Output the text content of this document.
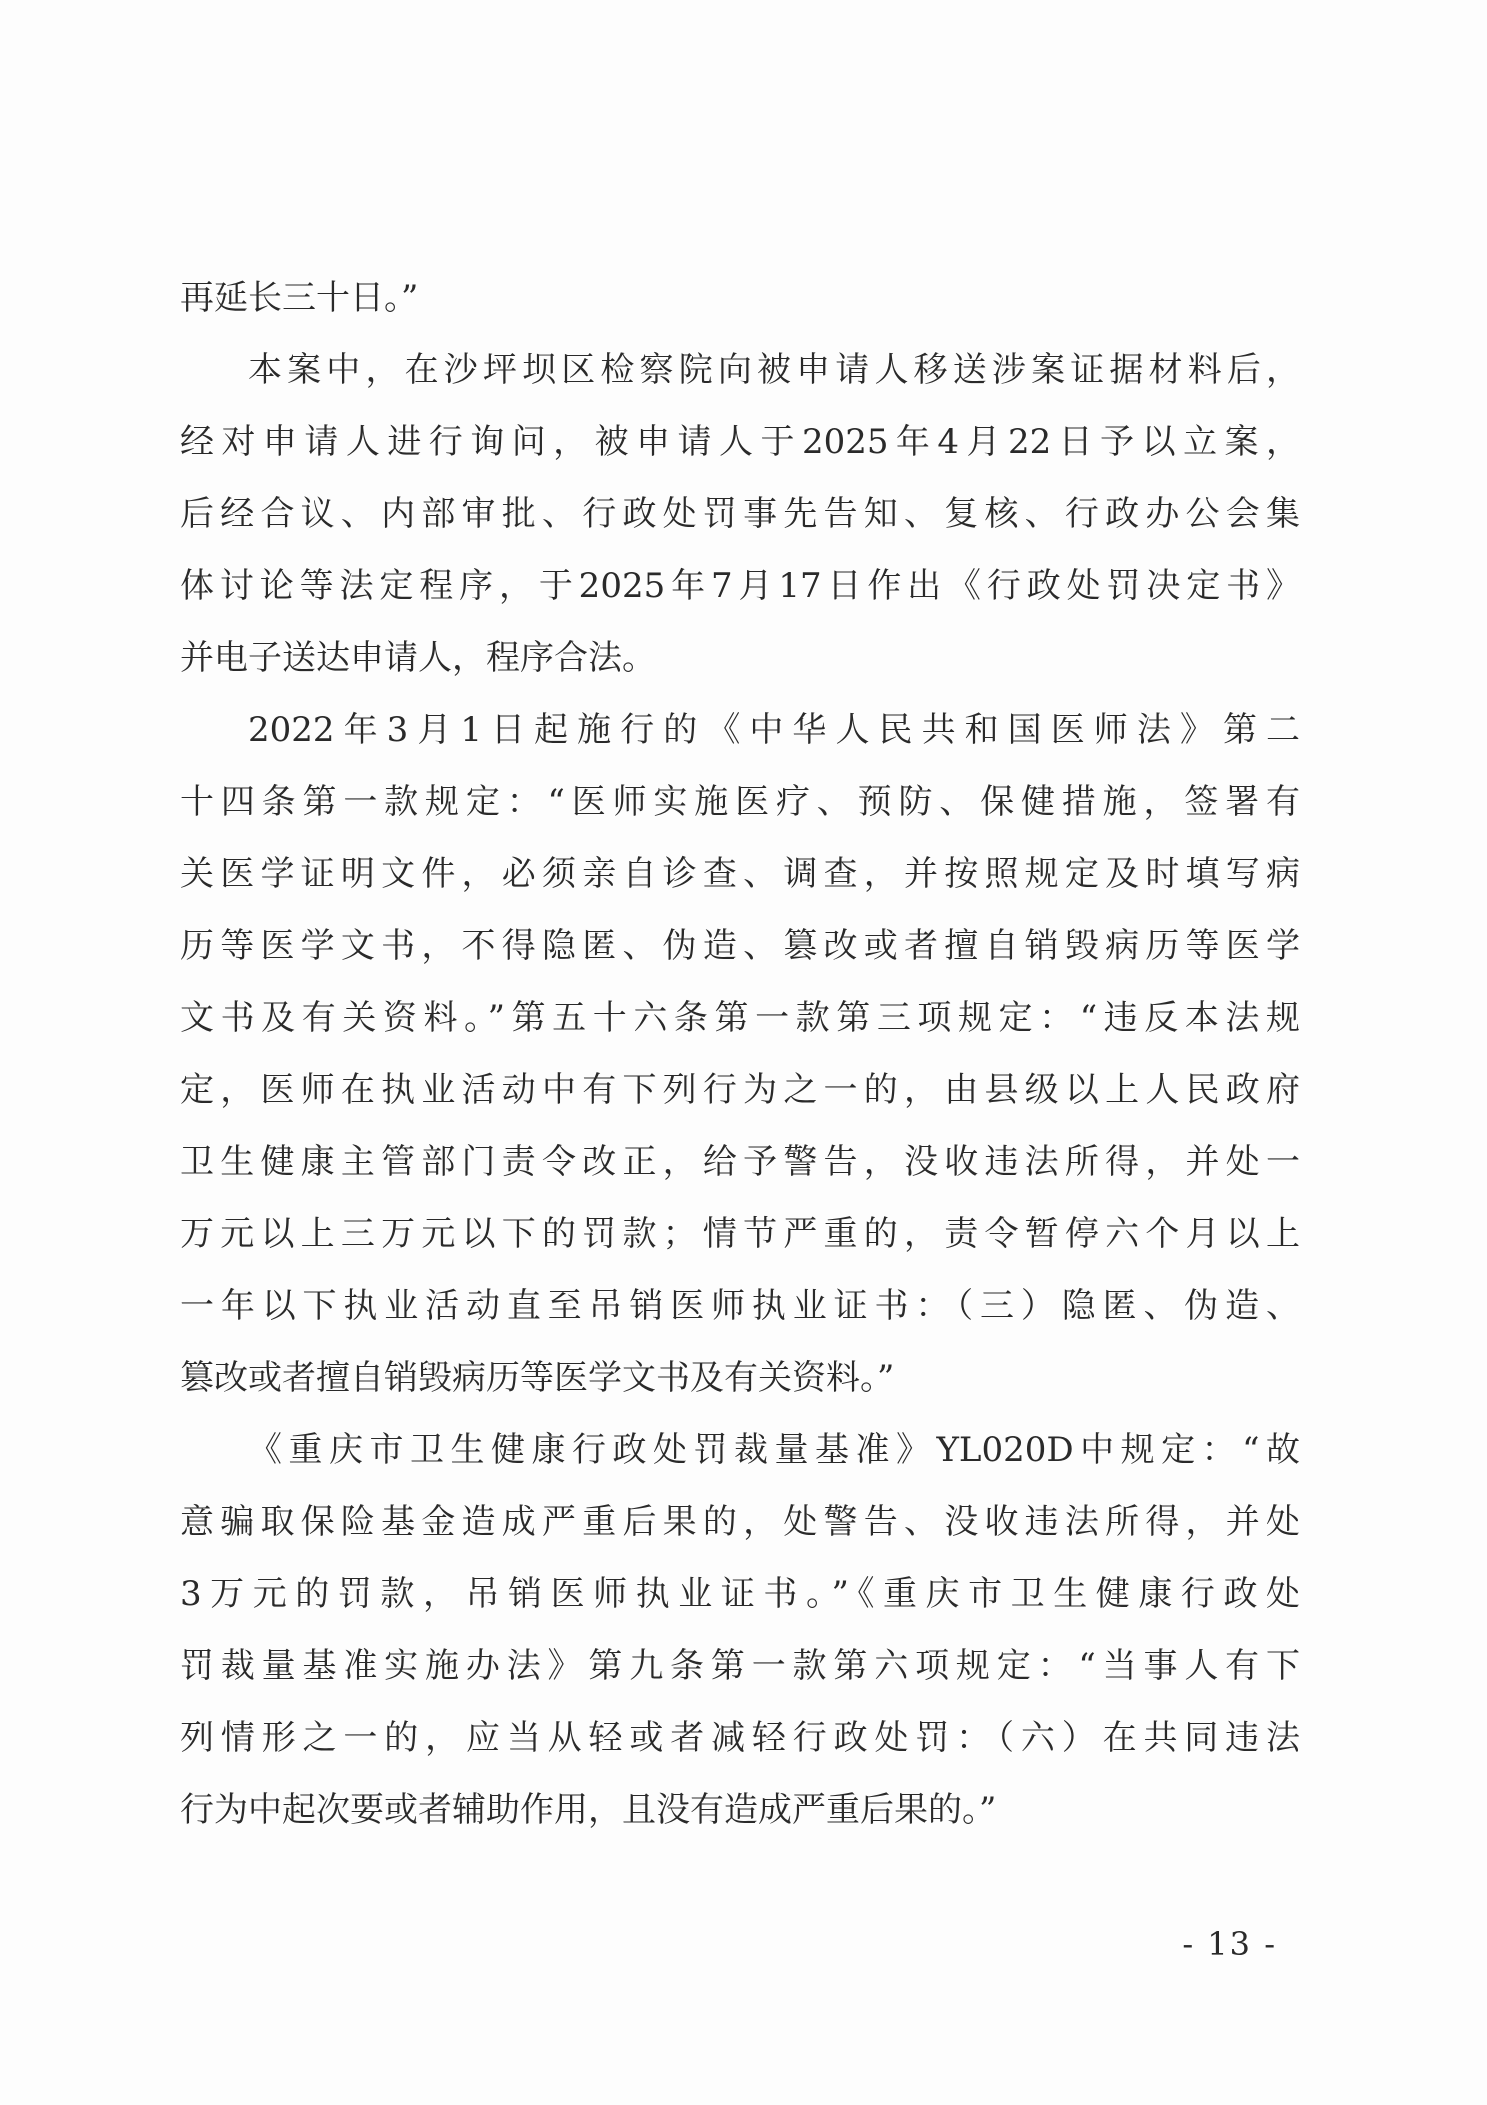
再延长三十日。”
本案中，在沙坪坝区检察院向被申请人移送涉案证据材料后，
经对申请人进行询问，被申请人于2025年4月22日予以立案，
后经合议、内部审批、行政处罚事先告知、复核、行政办公会集
体讨论等法定程序，于2025年7月17日作出《行政处罚决定书》
并电子送达申请人，程序合法。
2022年3月1日起施行的《中华人民共和国医师法》第二
十四条第一款规定：“医师实施医疗、预防、保健措施，签署有
关医学证明文件，必须亲自诊查、调查，并按照规定及时填写病
历等医学文书，不得隐匿、伪造、篡改或者擅自销毁病历等医学
文书及有关资料。”第五十六条第一款第三项规定：“违反本法规
定，医师在执业活动中有下列行为之一的，由县级以上人民政府
卫生健康主管部门责令改正，给予警告，没收违法所得，并处一
万元以上三万元以下的罚款；情节严重的，责令暂停六个月以上
一年以下执业活动直至吊销医师执业证书：（三）隐匿、伪造、
篡改或者擅自销毁病历等医学文书及有关资料。”
《重庆市卫生健康行政处罚裁量基准》YL020D中规定：“故
意骗取保险基金造成严重后果的，处警告、没收违法所得，并处
3万元的罚款，吊销医师执业证书。”《重庆市卫生健康行政处
罚裁量基准实施办法》第九条第一款第六项规定：“当事人有下
列情形之一的，应当从轻或者减轻行政处罚：（六）在共同违法
行为中起次要或者辅助作用，且没有造成严重后果的。”
- 13 -
